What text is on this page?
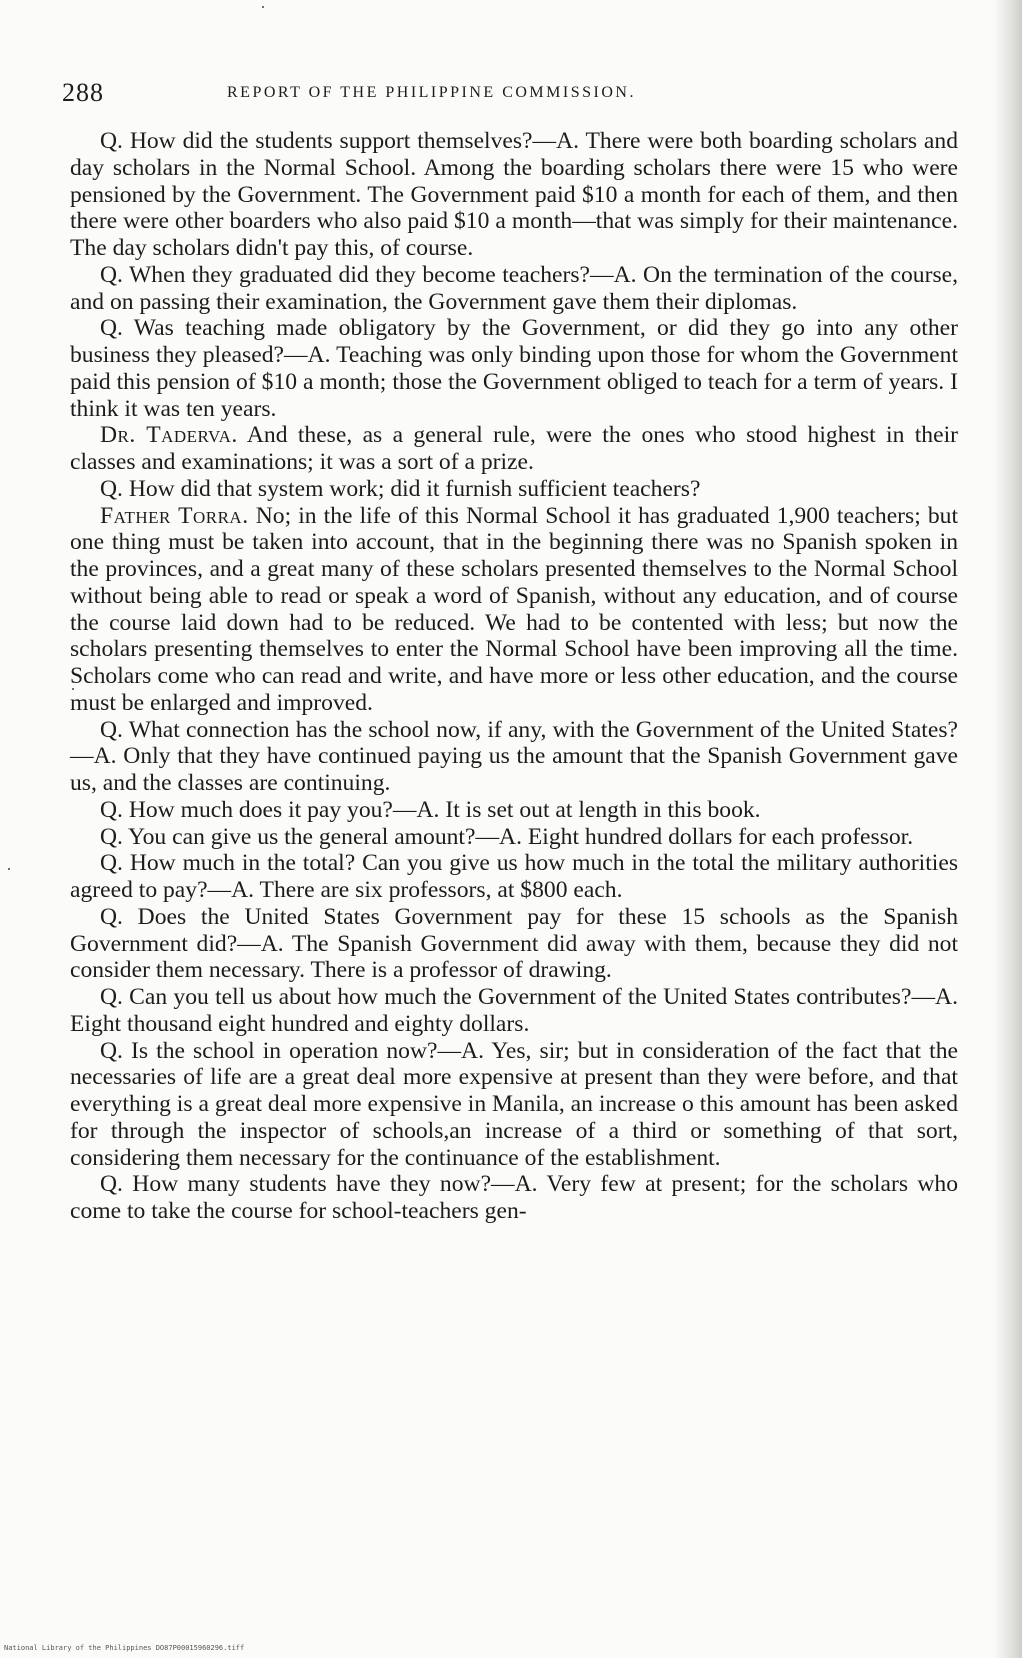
288	REPORT OF THE PHILIPPINE COMMISSION.

Q. How did the students support themselves?—A. There were both boarding scholars and day scholars in the Normal School. Among the boarding scholars there were 15 who were pensioned by the Government. The Government paid $10 a month for each of them, and then there were other boarders who also paid $10 a month—that was simply for their maintenance. The day scholars didn't pay this, of course.

Q. When they graduated did they become teachers?—A. On the termination of the course, and on passing their examination, the Government gave them their diplomas.

Q. Was teaching made obligatory by the Government, or did they go into any other business they pleased?—A. Teaching was only binding upon those for whom the Government paid this pension of $10 a month; those the Government obliged to teach for a term of years. I think it was ten years.

Dr. Taderva. And these, as a general rule, were the ones who stood highest in their classes and examinations; it was a sort of a prize.

Q. How did that system work; did it furnish sufficient teachers?

Father Torra. No; in the life of this Normal School it has graduated 1,900 teachers; but one thing must be taken into account, that in the beginning there was no Spanish spoken in the provinces, and a great many of these scholars presented themselves to the Normal School without being able to read or speak a word of Spanish, without any education, and of course the course laid down had to be reduced. We had to be contented with less; but now the scholars presenting themselves to enter the Normal School have been improving all the time. Scholars come who can read and write, and have more or less other education, and the course must be enlarged and improved.

Q. What connection has the school now, if any, with the Government of the United States?—A. Only that they have continued paying us the amount that the Spanish Government gave us, and the classes are continuing.

Q. How much does it pay you?—A. It is set out at length in this book.

Q. You can give us the general amount?—A. Eight hundred dollars for each professor.

Q. How much in the total? Can you give us how much in the total the military authorities agreed to pay?—A. There are six professors, at $800 each.

Q. Does the United States Government pay for these 15 schools as the Spanish Government did?—A. The Spanish Government did away with them, because they did not consider them necessary. There is a professor of drawing.

Q. Can you tell us about how much the Government of the United States contributes?—A. Eight thousand eight hundred and eighty dollars.

Q. Is the school in operation now?—A. Yes, sir; but in consideration of the fact that the necessaries of life are a great deal more expensive at present than they were before, and that everything is a great deal more expensive in Manila, an increase o this amount has been asked for through the inspector of schools,an increase of a third or something of that sort, considering them necessary for the continuance of the establishment.

Q. How many students have they now?—A. Very few at present; for the scholars who come to take the course for school-teachers gen-

National Library of the Philippines DO87P00015960296.tiff
